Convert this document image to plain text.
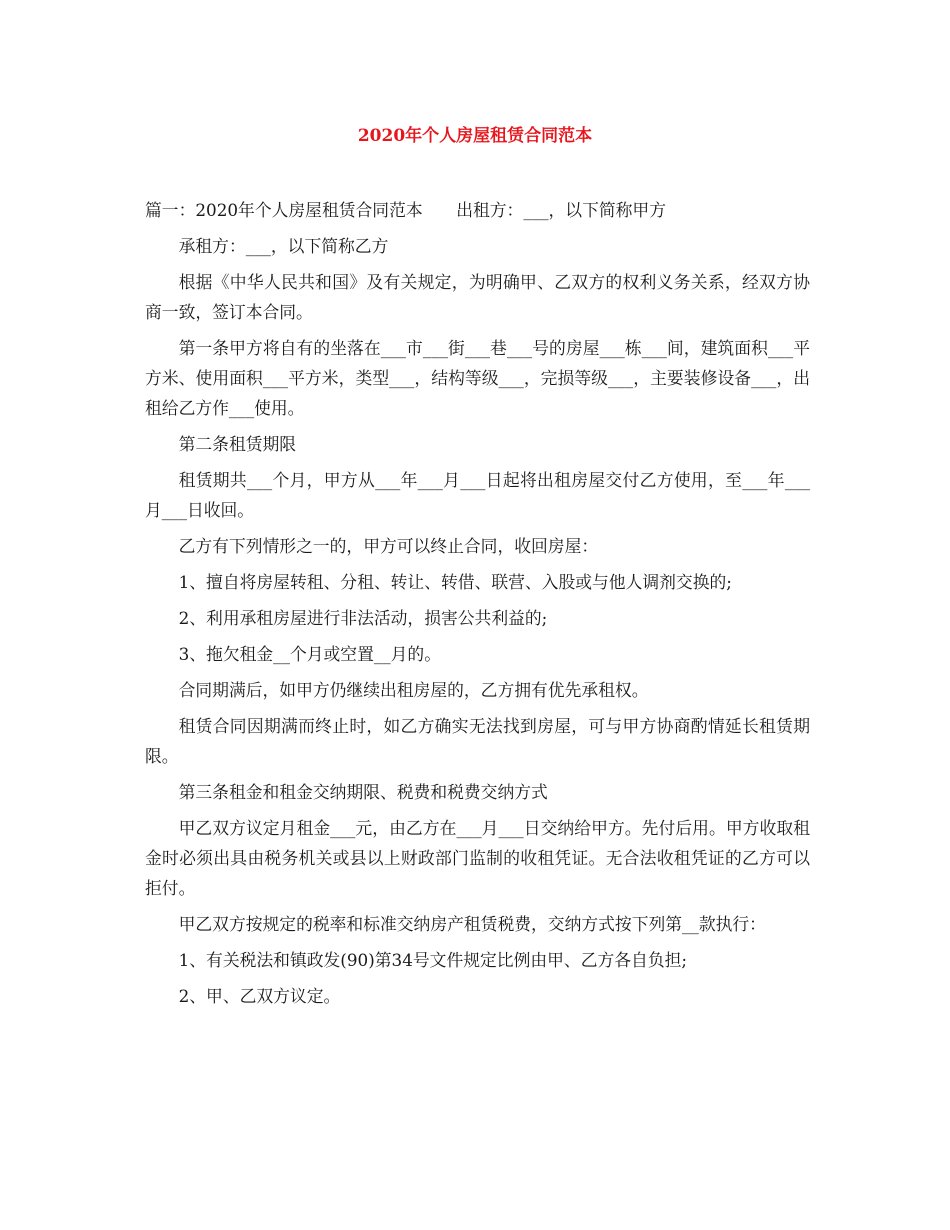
2020年个人房屋租赁合同范本

篇一：2020年个人房屋租赁合同范本　　出租方：___，以下简称甲方

承租方：___，以下简称乙方

根据《中华人民共和国》及有关规定，为明确甲、乙双方的权利义务关系，经双方协商一致，签订本合同。

第一条甲方将自有的坐落在___市___街___巷___号的房屋___栋___间，建筑面积___平方米、使用面积___平方米，类型___，结构等级___，完损等级___，主要装修设备___，出租给乙方作___使用。

第二条租赁期限

租赁期共___个月，甲方从___年___月___日起将出租房屋交付乙方使用，至___年___月___日收回。

乙方有下列情形之一的，甲方可以终止合同，收回房屋：

1、擅自将房屋转租、分租、转让、转借、联营、入股或与他人调剂交换的;

2、利用承租房屋进行非法活动，损害公共利益的;

3、拖欠租金__个月或空置__月的。

合同期满后，如甲方仍继续出租房屋的，乙方拥有优先承租权。

租赁合同因期满而终止时，如乙方确实无法找到房屋，可与甲方协商酌情延长租赁期限。

第三条租金和租金交纳期限、税费和税费交纳方式

甲乙双方议定月租金___元，由乙方在___月___日交纳给甲方。先付后用。甲方收取租金时必须出具由税务机关或县以上财政部门监制的收租凭证。无合法收租凭证的乙方可以拒付。

甲乙双方按规定的税率和标准交纳房产租赁税费，交纳方式按下列第__款执行：

1、有关税法和镇政发(90)第34号文件规定比例由甲、乙方各自负担;

2、甲、乙双方议定。
